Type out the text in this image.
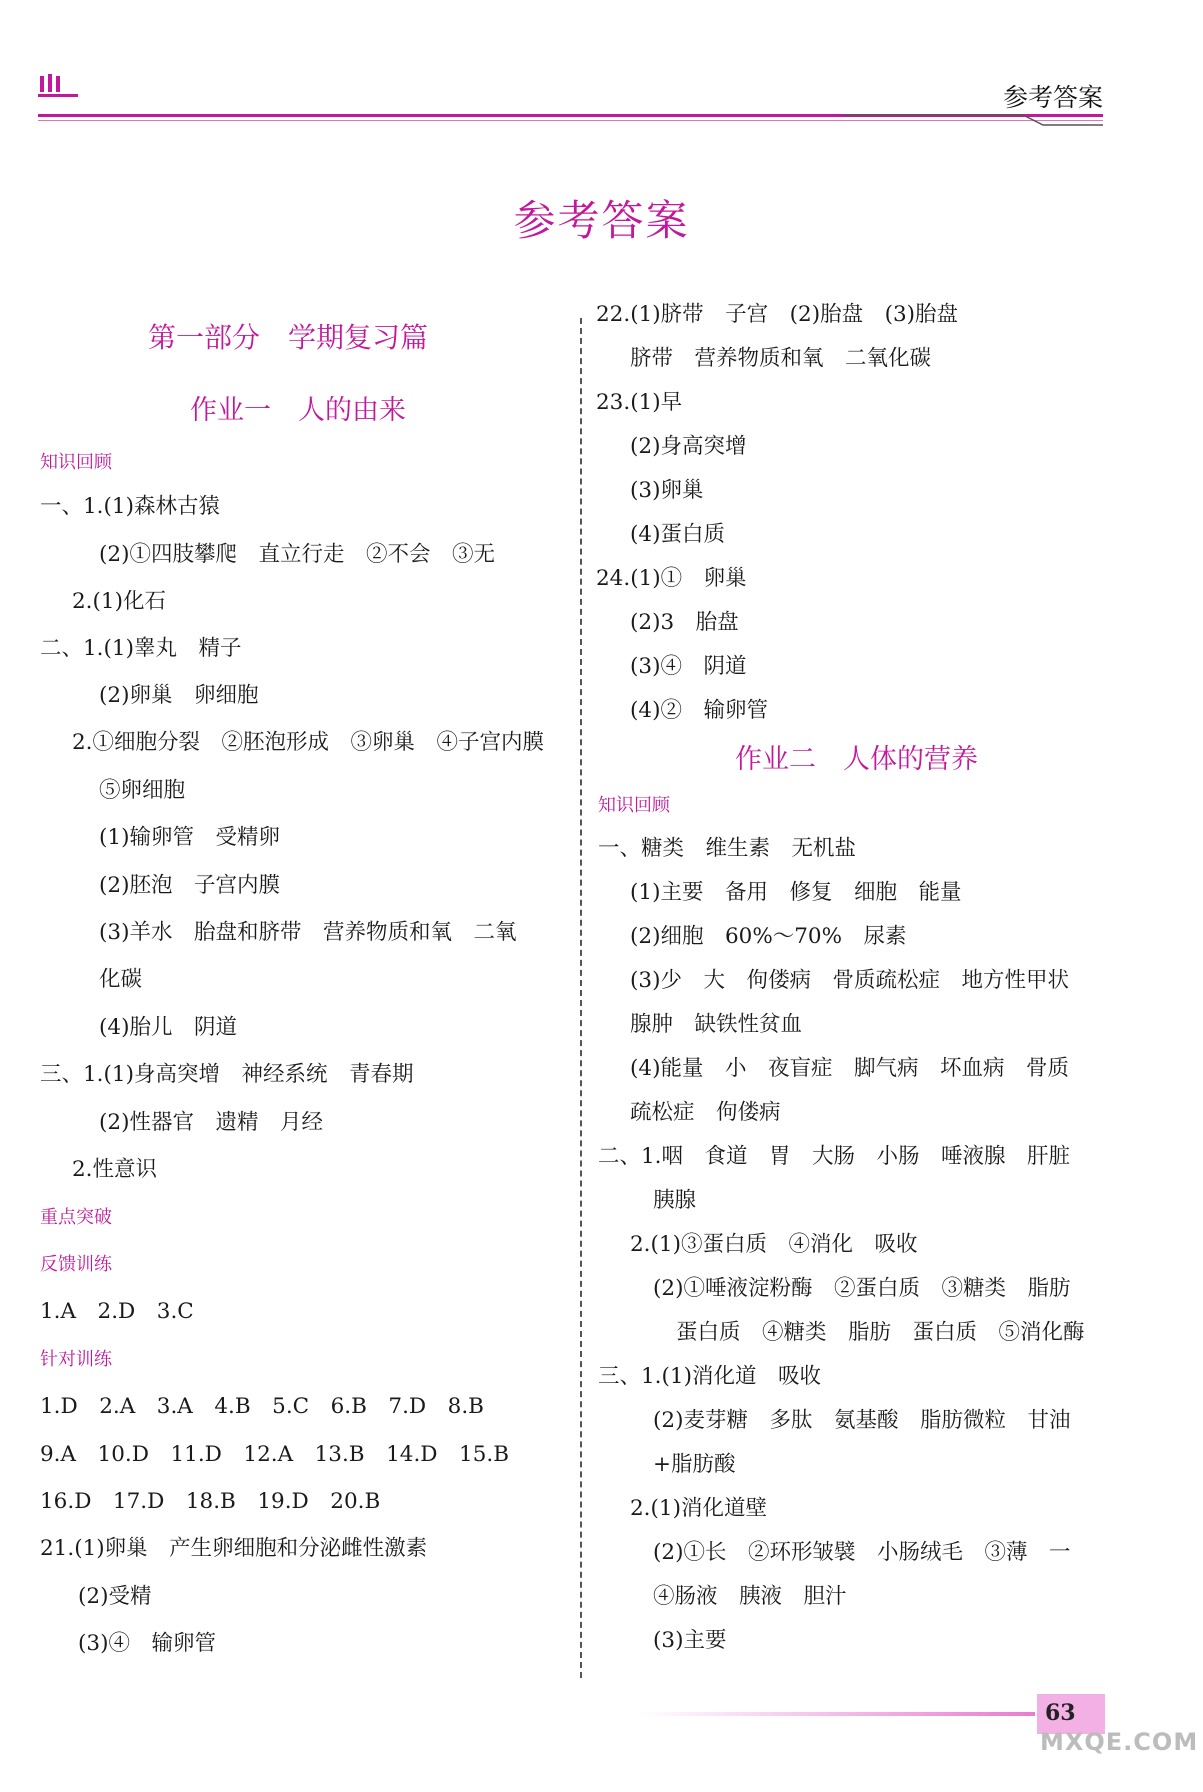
参考答案
参考答案
第一部分　学期复习篇
作业一　人的由来
知识回顾
一、1.(1)森林古猿
(2)①四肢攀爬　直立行走　②不会　③无
2.(1)化石
二、1.(1)睾丸　精子
(2)卵巢　卵细胞
2.①细胞分裂　②胚泡形成　③卵巢　④子宫内膜
⑤卵细胞
(1)输卵管　受精卵
(2)胚泡　子宫内膜
(3)羊水　胎盘和脐带　营养物质和氧　二氧
化碳
(4)胎儿　阴道
三、1.(1)身高突增　神经系统　青春期
(2)性器官　遗精　月经
2.性意识
重点突破
反馈训练
1.A　2.D　3.C
针对训练
1.D　2.A　3.A　4.B　5.C　6.B　7.D　8.B
9.A　10.D　11.D　12.A　13.B　14.D　15.B
16.D　17.D　18.B　19.D　20.B
21.(1)卵巢　产生卵细胞和分泌雌性激素
(2)受精
(3)④　输卵管
22.(1)脐带　子宫　(2)胎盘　(3)胎盘
脐带　营养物质和氧　二氧化碳
23.(1)早
(2)身高突增
(3)卵巢
(4)蛋白质
24.(1)①　卵巢
(2)3　胎盘
(3)④　阴道
(4)②　输卵管
作业二　人体的营养
知识回顾
一、糖类　维生素　无机盐
(1)主要　备用　修复　细胞　能量
(2)细胞　60%～70%　尿素
(3)少　大　佝偻病　骨质疏松症　地方性甲状
腺肿　缺铁性贫血
(4)能量　小　夜盲症　脚气病　坏血病　骨质
疏松症　佝偻病
二、1.咽　食道　胃　大肠　小肠　唾液腺　肝脏
胰腺
2.(1)③蛋白质　④消化　吸收
(2)①唾液淀粉酶　②蛋白质　③糖类　脂肪
蛋白质　④糖类　脂肪　蛋白质　⑤消化酶
三、1.(1)消化道　吸收
(2)麦芽糖　多肽　氨基酸　脂肪微粒　甘油
+脂肪酸
2.(1)消化道壁
(2)①长　②环形皱襞　小肠绒毛　③薄　一
④肠液　胰液　胆汁
(3)主要
63
MXQE.COM
